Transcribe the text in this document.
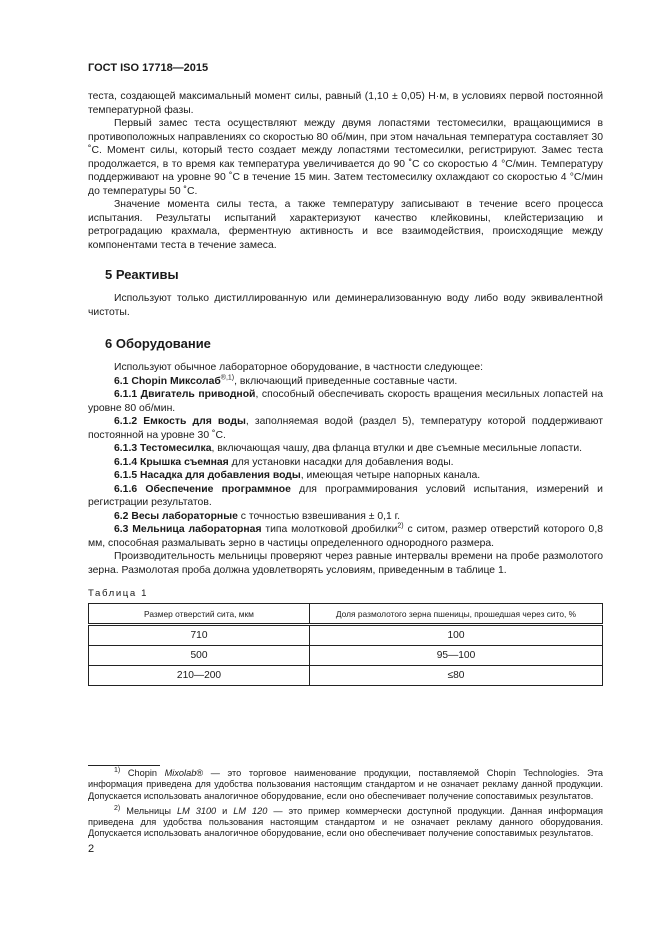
ГОСТ ISO 17718—2015

теста, создающей максимальный момент силы, равный (1,10 ± 0,05) Н·м, в условиях первой постоянной температурной фазы.

Первый замес теста осуществляют между двумя лопастями тестомесилки, вращающимися в противоположных направлениях со скоростью 80 об/мин, при этом начальная температура составляет 30 ˚С. Момент силы, который тесто создает между лопастями тестомесилки, регистрируют. Замес теста продолжается, в то время как температура увеличивается до 90 ˚С со скоростью 4 °С/мин. Температуру поддерживают на уровне 90 ˚С в течение 15 мин. Затем тестомесилку охлаждают со скоростью 4 °С/мин до температуры 50 ˚С.

Значение момента силы теста, а также температуру записывают в течение всего процесса испытания. Результаты испытаний характеризуют качество клейковины, клейстеризацию и ретроградацию крахмала, ферментную активность и все взаимодействия, происходящие между компонентами теста в течение замеса.

5 Реактивы

Используют только дистиллированную или деминерализованную воду либо воду эквивалентной чистоты.

6 Оборудование

Используют обычное лабораторное оборудование, в частности следующее:

6.1 Chopin Миксолаб$^{®,1)}$, включающий приведенные составные части.

6.1.1 Двигатель приводной, способный обеспечивать скорость вращения месильных лопастей на уровне 80 об/мин.

6.1.2 Емкость для воды, заполняемая водой (раздел 5), температуру которой поддерживают постоянной на уровне 30 ˚С.

6.1.3 Тестомесилка, включающая чашу, два фланца втулки и две съемные месильные лопасти.

6.1.4 Крышка съемная для установки насадки для добавления воды.

6.1.5 Насадка для добавления воды, имеющая четыре напорных канала.

6.1.6 Обеспечение программное для программирования условий испытания, измерений и регистрации результатов.

6.2 Весы лабораторные с точностью взвешивания ± 0,1 г.

6.3 Мельница лабораторная типа молотковой дробилки$^{2)}$ с ситом, размер отверстий которого 0,8 мм, способная размалывать зерно в частицы определенного однородного размера.

Производительность мельницы проверяют через равные интервалы времени на пробе размолотого зерна. Размолотая проба должна удовлетворять условиям, приведенным в таблице 1.

Таблица 1
Размер отверстий сита, мкм	Доля размолотого зерна пшеницы, прошедшая через сито, %
710	100
500	95—100
210—200	≤80

$^{1)}$ Chopin Mixolab® — это торговое наименование продукции, поставляемой Chopin Technologies. Эта информация приведена для удобства пользования настоящим стандартом и не означает рекламу данной продукции. Допускается использовать аналогичное оборудование, если оно обеспечивает получение сопоставимых результатов.

$^{2)}$ Мельницы LM 3100 и LM 120 — это пример коммерчески доступной продукции. Данная информация приведена для удобства пользования настоящим стандартом и не означает рекламу данного оборудования. Допускается использовать аналогичное оборудование, если оно обеспечивает получение сопоставимых результатов.

2
